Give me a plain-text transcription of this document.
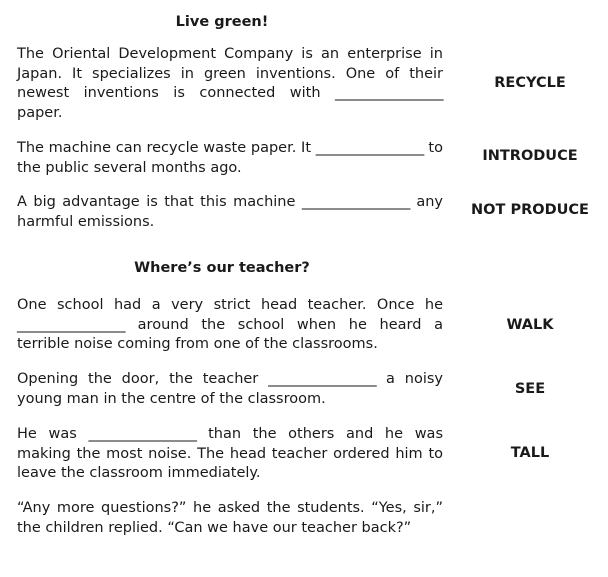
Live green!
The Oriental Development Company is an enterprise in Japan. It specializes in green inventions. One of their newest inventions is connected with ________________ paper.
RECYCLE
The machine can recycle waste paper. It ________________ to the public several months ago.
INTRODUCE
A big advantage is that this machine ________________ any harmful emissions.
NOT PRODUCE
Where’s our teacher?
One school had a very strict head teacher. Once he ________________ around the school when he heard a terrible noise coming from one of the classrooms.
WALK
Opening the door, the teacher ________________ a noisy young man in the centre of the classroom.
SEE
He was ________________ than the others and he was making the most noise. The head teacher ordered him to leave the classroom immediately.
TALL
“Any more questions?” he asked the students. “Yes, sir,” the children replied. “Can we have our teacher back?”
